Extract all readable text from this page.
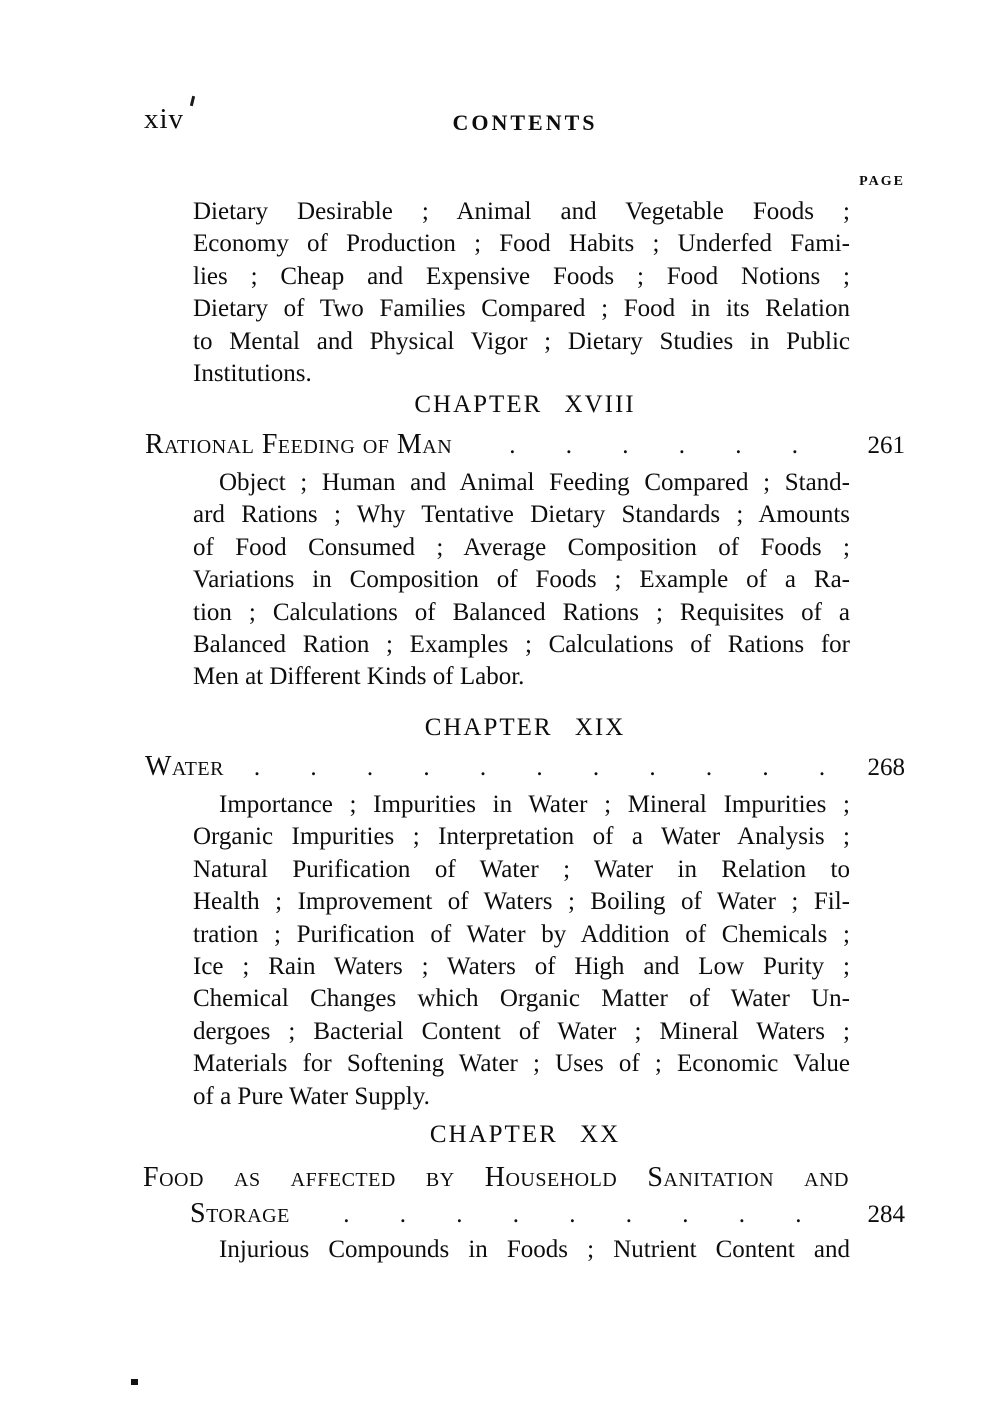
xiv	CONTENTS
PAGE
Dietary Desirable ; Animal and Vegetable Foods ;
Economy of Production ; Food Habits ; Underfed Fami-
lies ; Cheap and Expensive Foods ; Food Notions ;
Dietary of Two Families Compared ; Food in its Relation
to Mental and Physical Vigor ; Dietary Studies in Public
Institutions.
CHAPTER XVIII
Rational Feeding of Man	. . . . . .	261
Object ; Human and Animal Feeding Compared ; Stand-
ard Rations ; Why Tentative Dietary Standards ; Amounts
of Food Consumed ; Average Composition of Foods ;
Variations in Composition of Foods ; Example of a Ra-
tion ; Calculations of Balanced Rations ; Requisites of a
Balanced Ration ; Examples ; Calculations of Rations for
Men at Different Kinds of Labor.
CHAPTER XIX
Water	. . . . . . . . . . .	268
Importance ; Impurities in Water ; Mineral Impurities ;
Organic Impurities ; Interpretation of a Water Analysis ;
Natural Purification of Water ; Water in Relation to
Health ; Improvement of Waters ; Boiling of Water ; Fil-
tration ; Purification of Water by Addition of Chemicals ;
Ice ; Rain Waters ; Waters of High and Low Purity ;
Chemical Changes which Organic Matter of Water Un-
dergoes ; Bacterial Content of Water ; Mineral Waters ;
Materials for Softening Water ; Uses of ; Economic Value
of a Pure Water Supply.
CHAPTER XX
Food as affected by Household Sanitation and
Storage	. . . . . . . . .	284
Injurious Compounds in Foods ; Nutrient Content and
